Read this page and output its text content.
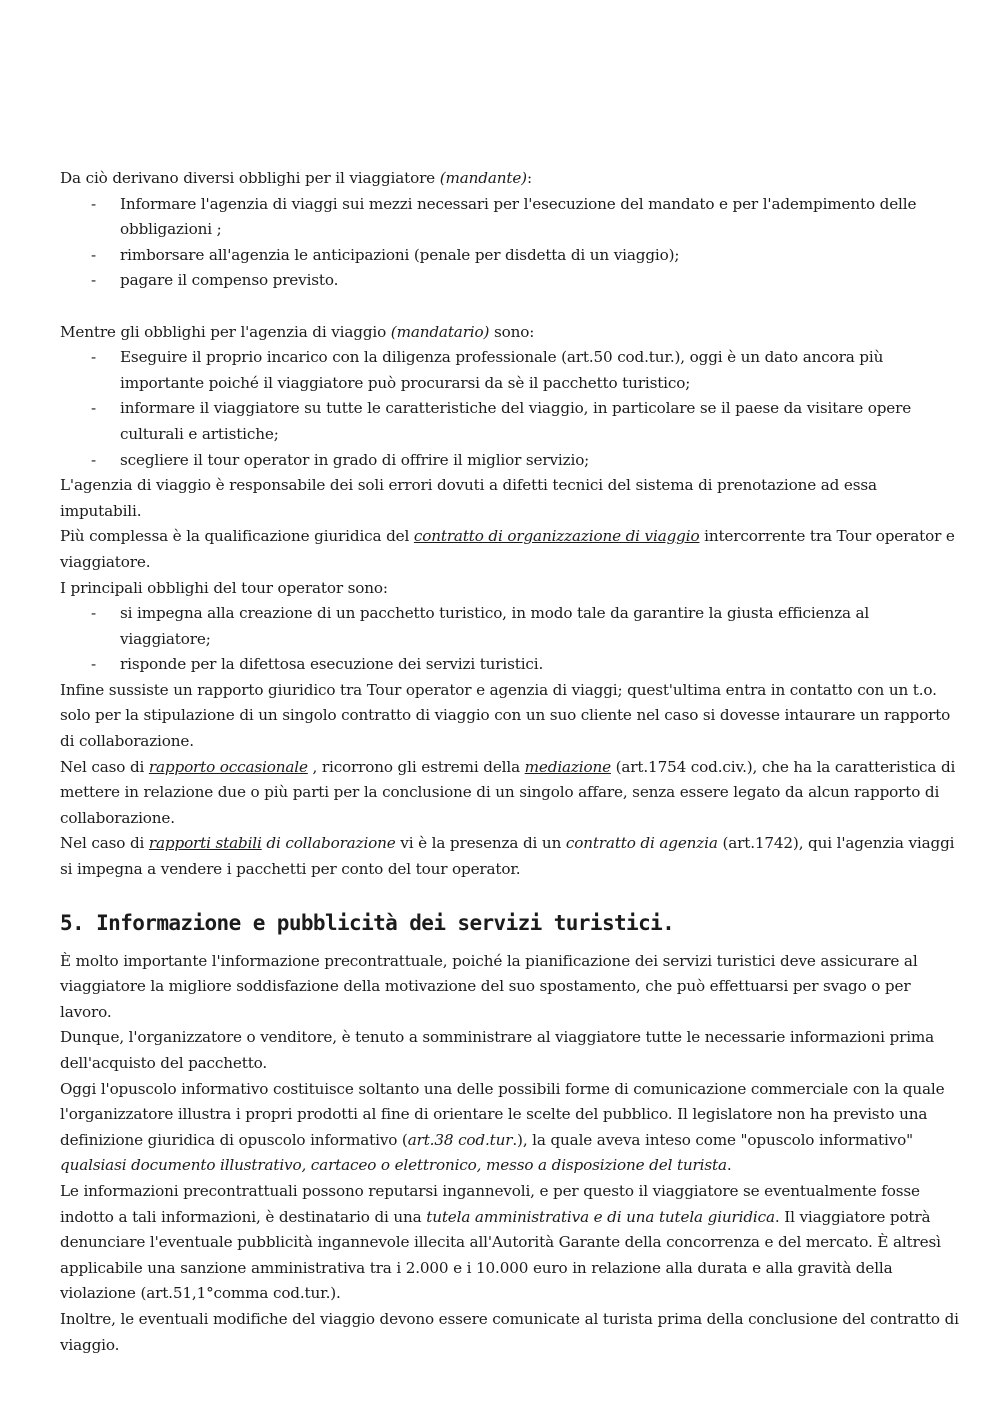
Da ciò derivano diversi obblighi per il viaggiatore (mandante):

- Informare l'agenzia di viaggi sui mezzi necessari per l'esecuzione del mandato e per l'adempimento delle obbligazioni ;
- rimborsare all'agenzia le anticipazioni (penale per disdetta di un viaggio);
- pagare il compenso previsto.

Mentre gli obblighi per l'agenzia di viaggio (mandatario) sono:

- Eseguire il proprio incarico con la diligenza professionale (art.50 cod.tur.), oggi è un dato ancora più importante poiché il viaggiatore può procurarsi da sè il pacchetto turistico;
- informare il viaggiatore su tutte le caratteristiche del viaggio, in particolare se il paese da visitare opere culturali e artistiche;
- scegliere il tour operator in grado di offrire il miglior servizio;

L'agenzia di viaggio è responsabile dei soli errori dovuti a difetti tecnici del sistema di prenotazione ad essa imputabili.

Più complessa è la qualificazione giuridica del contratto di organizzazione di viaggio intercorrente tra Tour operator e viaggiatore.

I principali obblighi del tour operator sono:

- si impegna alla creazione di un pacchetto turistico, in modo tale da garantire la giusta efficienza al viaggiatore;
- risponde per la difettosa esecuzione dei servizi turistici.

Infine sussiste un rapporto giuridico tra Tour operator e agenzia di viaggi; quest'ultima entra in contatto con un t.o. solo per la stipulazione di un singolo contratto di viaggio con un suo cliente nel caso si dovesse intaurare un rapporto di collaborazione.

Nel caso di rapporto occasionale , ricorrono gli estremi della mediazione (art.1754 cod.civ.), che ha la caratteristica di mettere in relazione due o più parti per la conclusione di un singolo affare, senza essere legato da alcun rapporto di collaborazione.

Nel caso di rapporti stabili di collaborazione vi è la presenza di un contratto di agenzia (art.1742), qui l'agenzia viaggi si impegna a vendere i pacchetti per conto del tour operator.

5. Informazione e pubblicità dei servizi turistici.

È molto importante l'informazione precontrattuale, poiché la pianificazione dei servizi turistici deve assicurare al viaggiatore la migliore soddisfazione della motivazione del suo spostamento, che può effettuarsi per svago o per lavoro.

Dunque, l'organizzatore o venditore, è tenuto a somministrare al viaggiatore tutte le necessarie informazioni prima dell'acquisto del pacchetto.

Oggi l'opuscolo informativo costituisce soltanto una delle possibili forme di comunicazione commerciale con la quale l'organizzatore illustra i propri prodotti al fine di orientare le scelte del pubblico. Il legislatore non ha previsto una definizione giuridica di opuscolo informativo (art.38 cod.tur.), la quale aveva inteso come "opuscolo informativo" qualsiasi documento illustrativo, cartaceo o elettronico, messo a disposizione del turista.

Le informazioni precontrattuali possono reputarsi ingannevoli, e per questo il viaggiatore se eventualmente fosse indotto a tali informazioni, è destinatario di una tutela amministrativa e di una tutela giuridica. Il viaggiatore potrà denunciare l'eventuale pubblicità ingannevole illecita all'Autorità Garante della concorrenza e del mercato. È altresì applicabile una sanzione amministrativa tra i 2.000 e i 10.000 euro in relazione alla durata e alla gravità della violazione (art.51,1°comma cod.tur.).

Inoltre, le eventuali modifiche del viaggio devono essere comunicate al turista prima della conclusione del contratto di viaggio.
